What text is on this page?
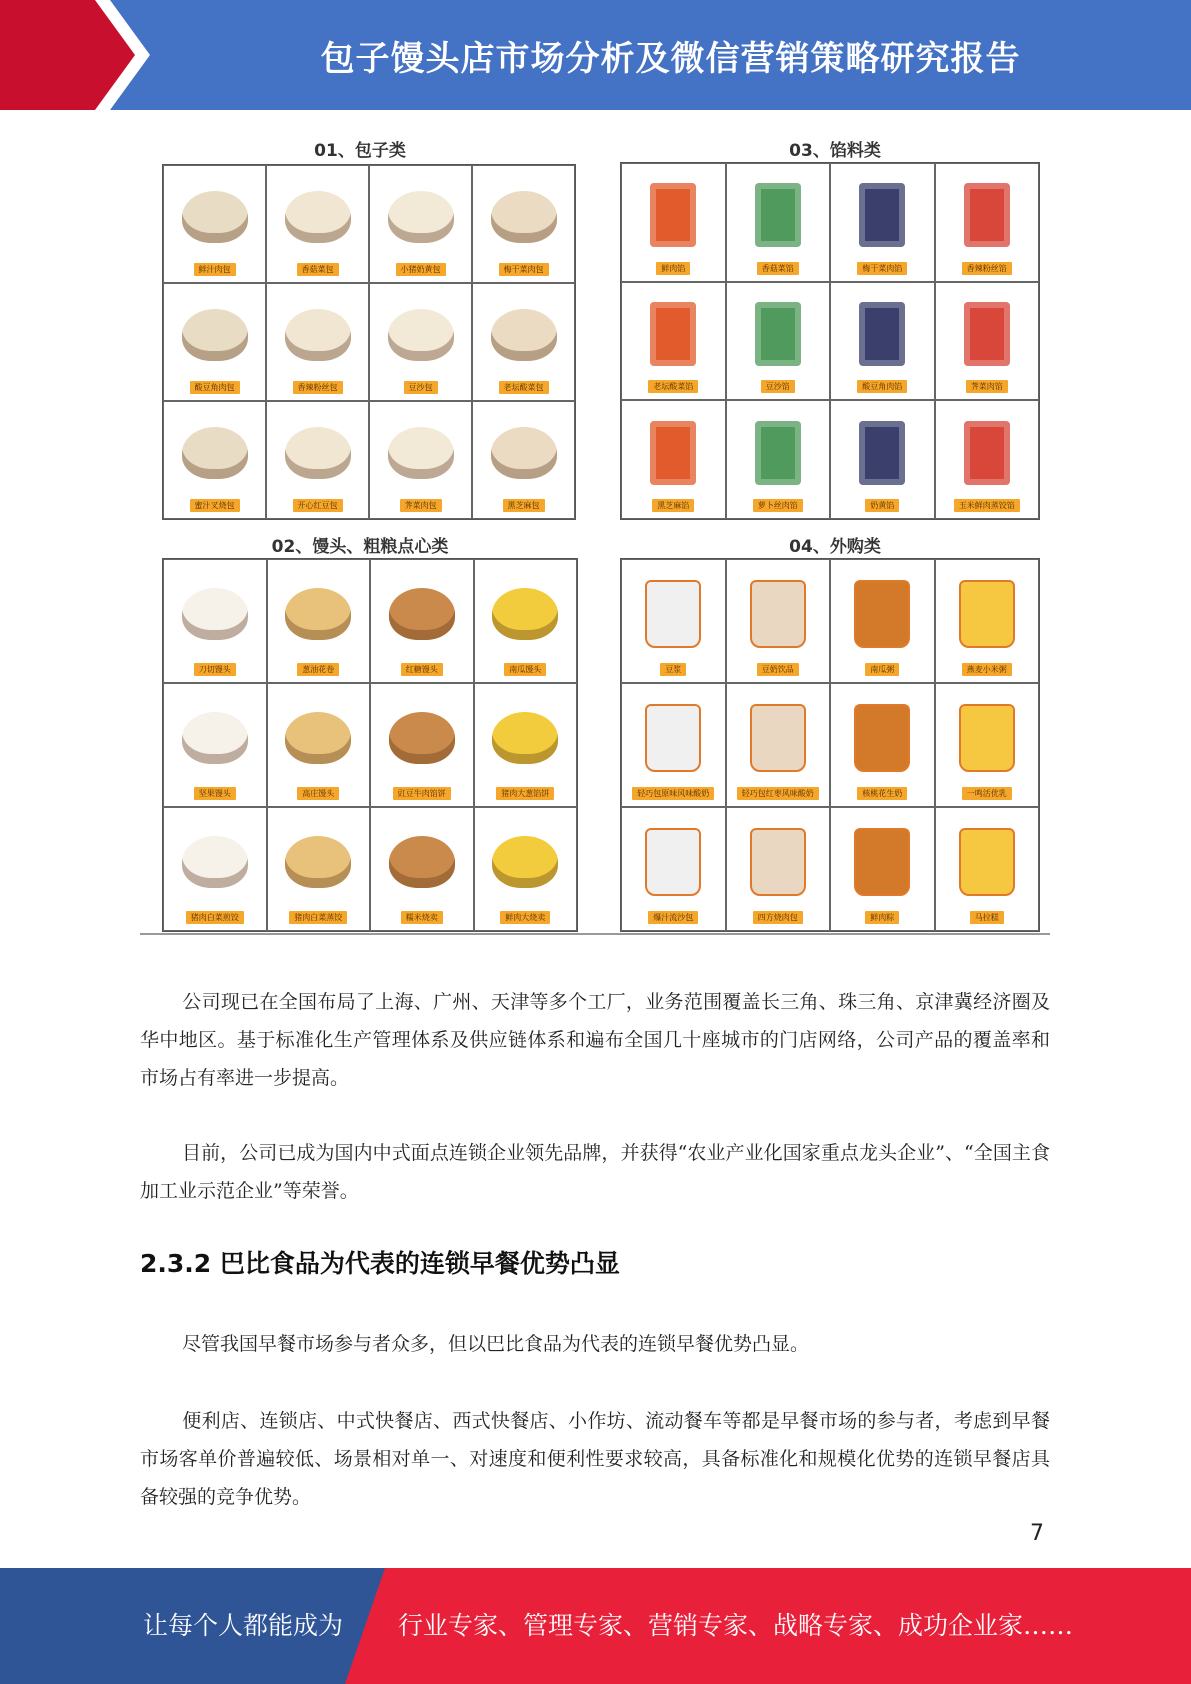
包子馒头店市场分析及微信营销策略研究报告
01、包子类
鲜汁肉包	香菇菜包	小猪奶黄包	梅干菜肉包
酸豆角肉包	香辣粉丝包	豆沙包	老坛酸菜包
蜜汁叉烧包	开心红豆包	荠菜肉包	黑芝麻包
03、馅料类
鲜肉馅	香菇菜馅	梅干菜肉馅	香辣粉丝馅
老坛酸菜馅	豆沙馅	酸豆角肉馅	荠菜肉馅
黑芝麻馅	萝卜丝肉馅	奶黄馅	玉米鲜肉蒸饺馅
02、馒头、粗粮点心类
刀切馒头	葱油花卷	红糖馒头	南瓜馒头
坚果馒头	高庄馒头	豇豆牛肉馅饼	猪肉大葱馅饼
猪肉白菜煎饺	猪肉白菜蒸饺	糯米烧卖	鲜肉大烧卖
04、外购类
豆浆	豆奶饮品	南瓜粥	燕麦小米粥
轻巧包原味风味酸奶	轻巧包红枣风味酸奶	核桃花生奶	一鸣活优乳
爆汁流沙包	四方烧肉包	鲜肉粽	马拉糕
公司现已在全国布局了上海、广州、天津等多个工厂，业务范围覆盖长三角、珠三角、京津冀经济圈及华中地区。基于标准化生产管理体系及供应链体系和遍布全国几十座城市的门店网络，公司产品的覆盖率和市场占有率进一步提高。
目前，公司已成为国内中式面点连锁企业领先品牌，并获得“农业产业化国家重点龙头企业”、“全国主食加工业示范企业”等荣誉。
2.3.2 巴比食品为代表的连锁早餐优势凸显
尽管我国早餐市场参与者众多，但以巴比食品为代表的连锁早餐优势凸显。
便利店、连锁店、中式快餐店、西式快餐店、小作坊、流动餐车等都是早餐市场的参与者，考虑到早餐市场客单价普遍较低、场景相对单一、对速度和便利性要求较高，具备标准化和规模化优势的连锁早餐店具备较强的竞争优势。
7
让每个人都能成为 行业专家、管理专家、营销专家、战略专家、成功企业家……
